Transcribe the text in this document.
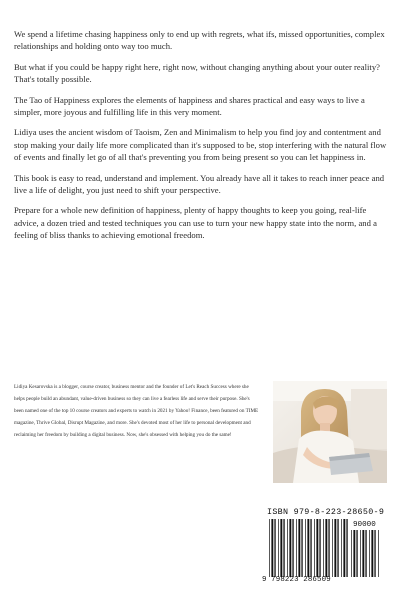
We spend a lifetime chasing happiness only to end up with regrets, what ifs, missed opportunities, complex relationships and holding onto way too much.

But what if you could be happy right here, right now, without changing anything about your outer reality? That's totally possible.

The Tao of Happiness explores the elements of happiness and shares practical and easy ways to live a simpler, more joyous and fulfilling life in this very moment.

Lidiya uses the ancient wisdom of Taoism, Zen and Minimalism to help you find joy and contentment and stop making your daily life more complicated than it's supposed to be, stop interfering with the natural flow of events and finally let go of all that's preventing you from being present so you can let happiness in.

This book is easy to read, understand and implement. You already have all it takes to reach inner peace and live a life of delight, you just need to shift your perspective.

Prepare for a whole new definition of happiness, plenty of happy thoughts to keep you going, real-life advice, a dozen tried and tested techniques you can use to turn your new happy state into the norm, and a feeling of bliss thanks to achieving emotional freedom.

Lidiya Kesarovska is a blogger, course creator, business mentor and the founder of Let's Reach Success where she helps people build an abundant, value-driven business so they can live a fearless life and serve their purpose. She's been named one of the top 10 course creators and experts to watch in 2021 by Yahoo! Finance, been featured on TIME magazine, Thrive Global, Disrupt Magazine, and more. She's devoted most of her life to personal development and reclaiming her freedom by building a digital business. Now, she's obsessed with helping you do the same!

ISBN 979-8-223-28650-9
90000
9 798223 286509
